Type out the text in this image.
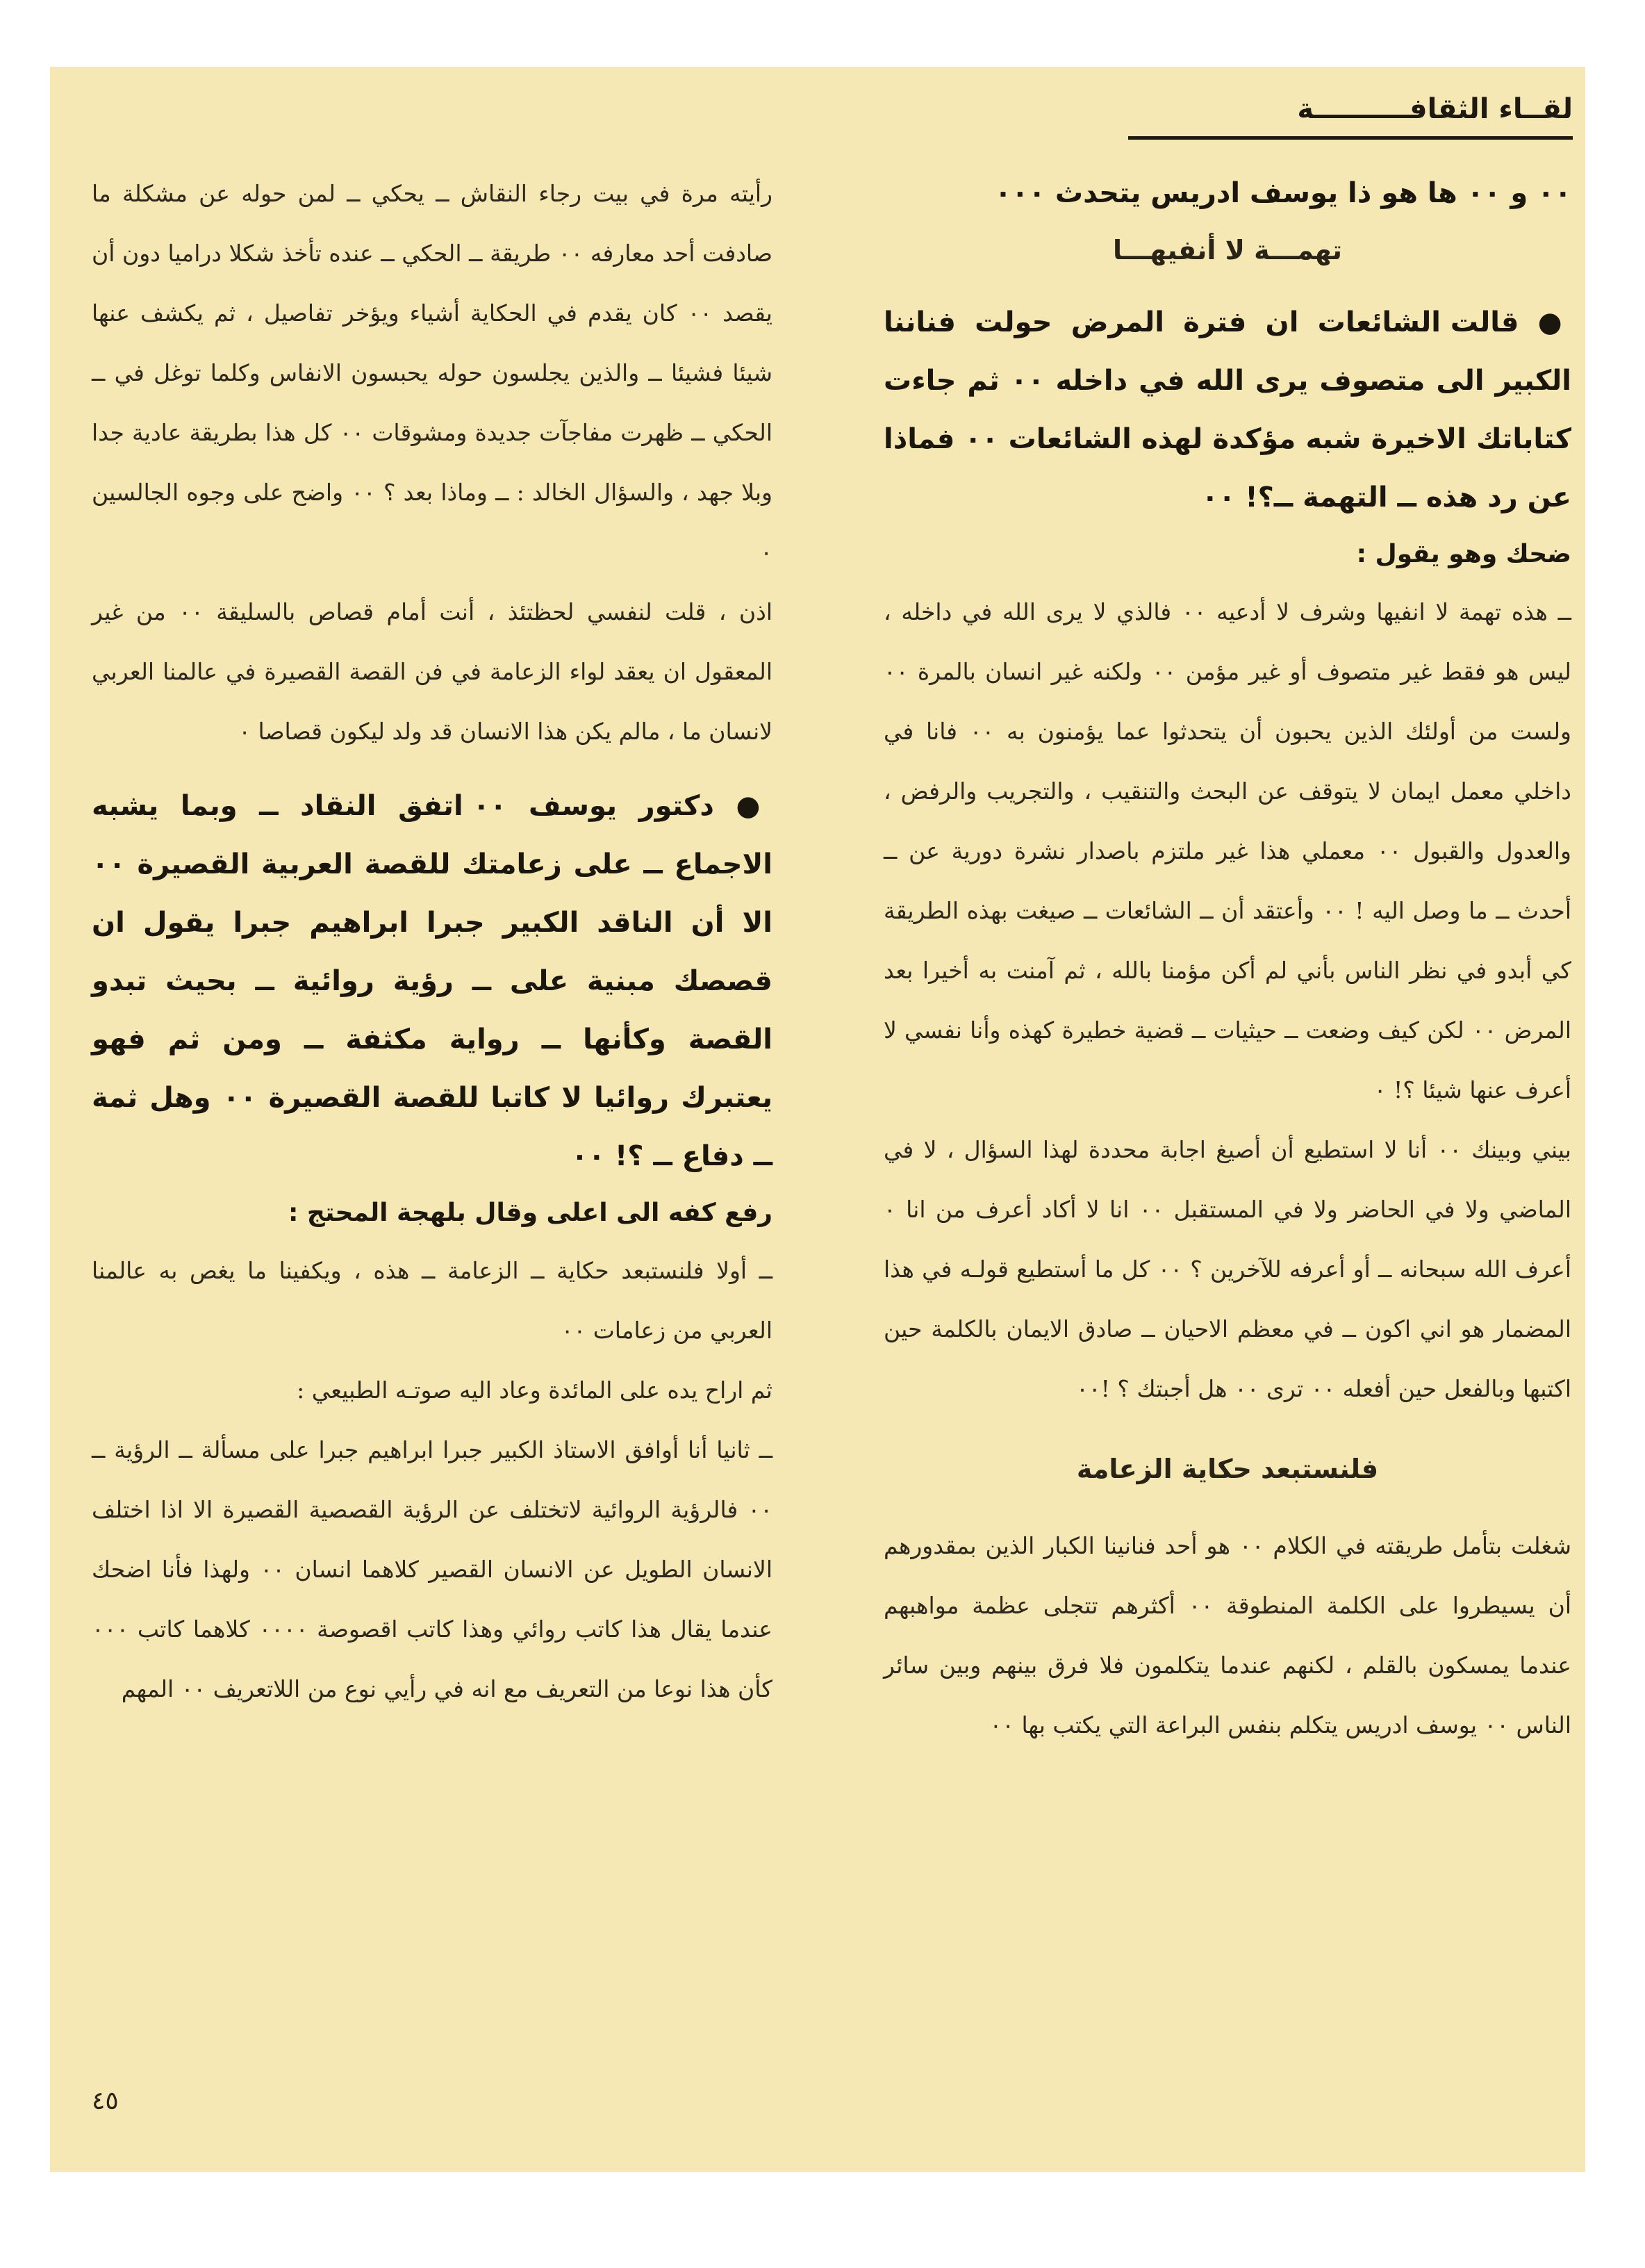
لقــاء الثقافــــــــــة

٠٠ و ٠٠ ها هو ذا يوسف ادريس يتحدث ٠٠٠

تهمـــة لا أنفيهـــا

● قالت الشائعات ان فترة المرض حولت فناننا الكبير الى متصوف يرى الله في داخله ٠٠ ثم جاءت كتاباتك الاخيرة شبه مؤكدة لهذه الشائعات ٠٠ فماذا عن رد هذه ــ التهمة ــ؟! ٠٠

ضحك وهو يقول :

ــ هذه تهمة لا انفيها وشرف لا أدعيه ٠٠ فالذي لا يرى الله في داخله ، ليس هو فقط غير متصوف أو غير مؤمن ٠٠ ولكنه غير انسان بالمرة ٠٠ ولست من أولئك الذين يحبون أن يتحدثوا عما يؤمنون به ٠٠ فانا في داخلي معمل ايمان لا يتوقف عن البحث والتنقيب ، والتجريب والرفض ، والعدول والقبول ٠٠ معملي هذا غير ملتزم باصدار نشرة دورية عن ــ أحدث ــ ما وصل اليه ! ٠٠ وأعتقد أن ــ الشائعات ــ صيغت بهذه الطريقة كي أبدو في نظر الناس بأني لم أكن مؤمنا بالله ، ثم آمنت به أخيرا بعد المرض ٠٠ لكن كيف وضعت ــ حيثيات ــ قضية خطيرة كهذه وأنا نفسي لا أعرف عنها شيئا ؟! ٠

بيني وبينك ٠٠ أنا لا استطيع أن أصيغ اجابة محددة لهذا السؤال ، لا في الماضي ولا في الحاضر ولا في المستقبل ٠٠ انا لا أكاد أعرف من انا ٠ أعرف الله سبحانه ــ أو أعرفه للآخرين ؟ ٠٠ كل ما أستطيع قولـه في هذا المضمار هو اني اكون ــ في معظم الاحيان ــ صادق الايمان بالكلمة حين اكتبها وبالفعل حين أفعله ٠٠ ترى ٠٠ هل أجبتك ؟ !٠٠

فلنستبعد حكاية الزعامة

شغلت بتأمل طريقته في الكلام ٠٠ هو أحد فنانينا الكبار الذين بمقدورهم أن يسيطروا على الكلمة المنطوقة ٠٠ أكثرهم تتجلى عظمة مواهبهم عندما يمسكون بالقلم ، لكنهم عندما يتكلمون فلا فرق بينهم وبين سائر الناس ٠٠ يوسف ادريس يتكلم بنفس البراعة التي يكتب بها ٠٠

رأيته مرة في بيت رجاء النقاش ــ يحكي ــ لمن حوله عن مشكلة ما صادفت أحد معارفه ٠٠ طريقة ــ الحكي ــ عنده تأخذ شكلا دراميا دون أن يقصد ٠٠ كان يقدم في الحكاية أشياء ويؤخر تفاصيل ، ثم يكشف عنها شيئا فشيئا ــ والذين يجلسون حوله يحبسون الانفاس وكلما توغل في ــ الحكي ــ ظهرت مفاجآت جديدة ومشوقات ٠٠ كل هذا بطريقة عادية جدا وبلا جهد ، والسؤال الخالد : ــ وماذا بعد ؟ ٠٠ واضح على وجوه الجالسين ٠

اذن ، قلت لنفسي لحظتئذ ، أنت أمام قصاص بالسليقة ٠٠ من غير المعقول ان يعقد لواء الزعامة في فن القصة القصيرة في عالمنا العربي لانسان ما ، مالم يكن هذا الانسان قد ولد ليكون قصاصا ٠

● دكتور يوسف ٠٠ اتفق النقاد ــ وبما يشبه الاجماع ــ على زعامتك للقصة العربية القصيرة ٠٠ الا أن الناقد الكبير جبرا ابراهيم جبرا يقول ان قصصك مبنية على ــ رؤية روائية ــ بحيث تبدو القصة وكأنها ــ رواية مكثفة ــ ومن ثم فهو يعتبرك روائيا لا كاتبا للقصة القصيرة ٠٠ وهل ثمة ــ دفاع ــ ؟! ٠٠

رفع كفه الى اعلى وقال بلهجة المحتج :

ــ أولا فلنستبعد حكاية ــ الزعامة ــ هذه ، ويكفينا ما يغص به عالمنا العربي من زعامات ٠٠

ثم اراح يده على المائدة وعاد اليه صوتـه الطبيعي :

ــ ثانيا أنا أوافق الاستاذ الكبير جبرا ابراهيم جبرا على مسألة ــ الرؤية ــ ٠٠ فالرؤية الروائية لاتختلف عن الرؤية القصصية القصيرة الا اذا اختلف الانسان الطويل عن الانسان القصير كلاهما انسان ٠٠ ولهذا فأنا اضحك عندما يقال هذا كاتب روائي وهذا كاتب اقصوصة ٠٠٠٠ كلاهما كاتب ٠٠٠ كأن هذا نوعا من التعريف مع انه في رأيي نوع من اللاتعريف ٠٠ المهم

٤٥
